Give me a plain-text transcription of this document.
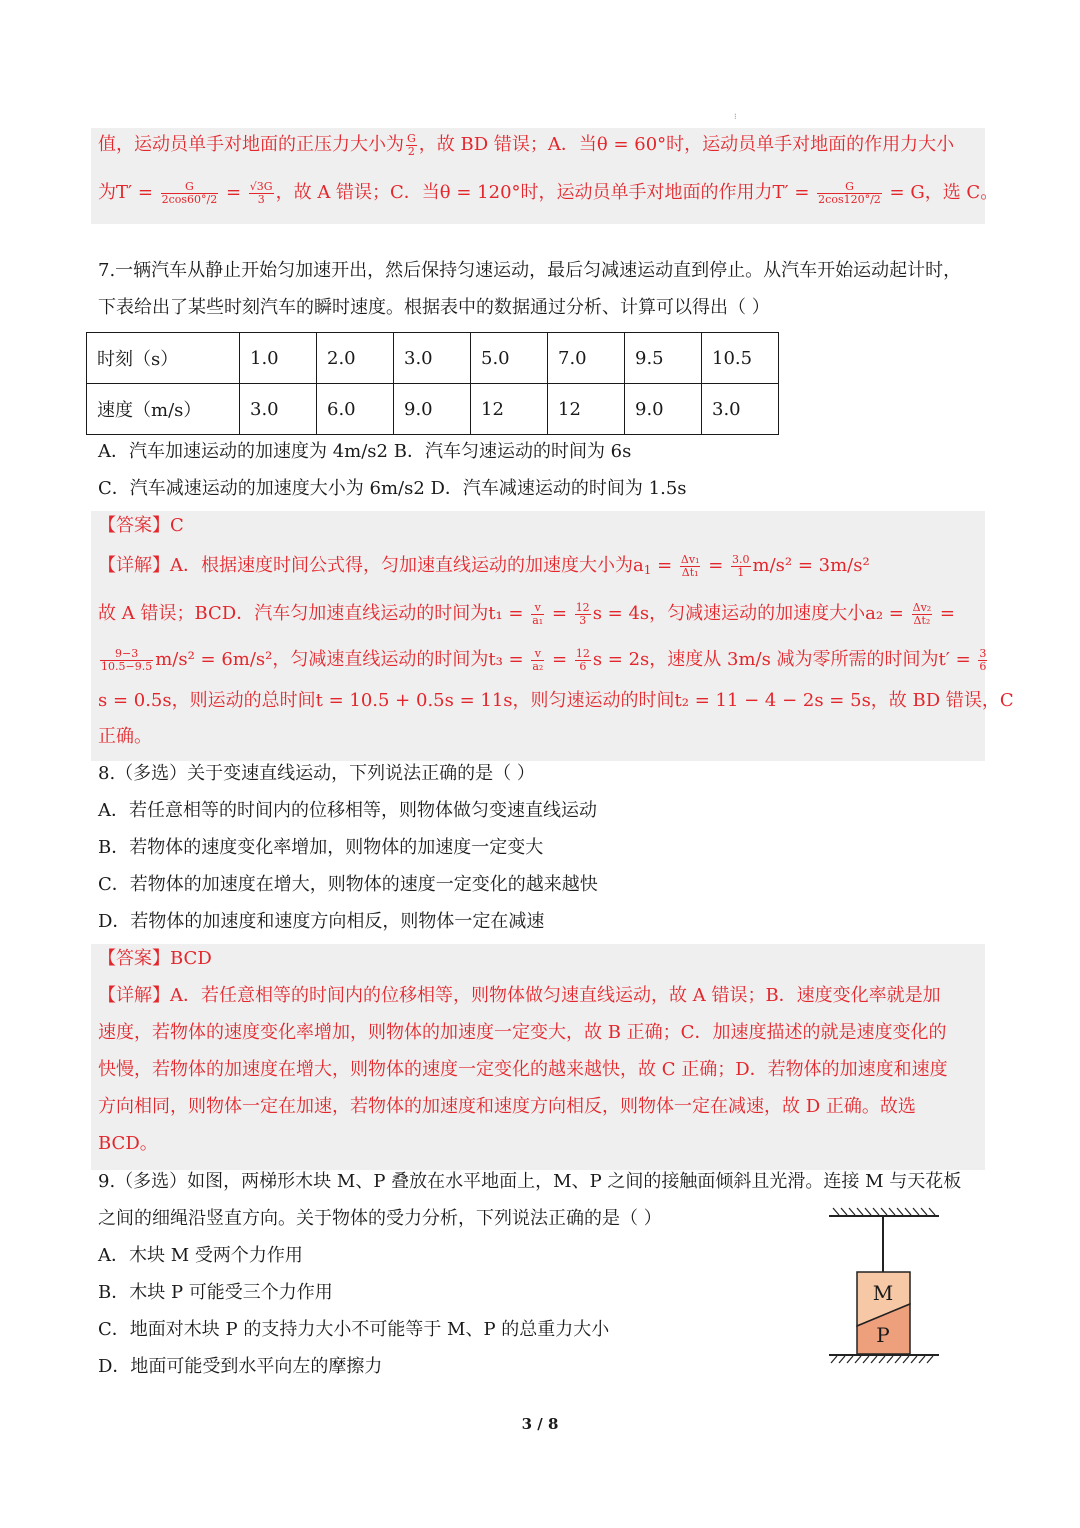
⁝
值，运动员单手对地面的正压力大小为 $\frac{G}{2}$ ，故 BD 错误；A．当θ = 60°时，运动员单手对地面的作用力大小
为$T' = \frac{G}{2\cos 60^\circ/2} = \frac{√3G}{3}$ ，故 A 错误；C．当θ = 120°时，运动员单手对地面的作用力$T' = \frac{G}{2\cos 120^\circ/2} = G$，选 C。
7.一辆汽车从静止开始匀加速开出，然后保持匀速运动，最后匀减速运动直到停止。从汽车开始运动起计时，
下表给出了某些时刻汽车的瞬时速度。根据表中的数据通过分析、计算可以得出（ ）
时刻（s）	1.0	2.0	3.0	5.0	7.0	9.5	10.5
速度（m/s）	3.0	6.0	9.0	12	12	9.0	3.0
A．汽车加速运动的加速度为 4m/s2 B．汽车匀速运动的时间为 6s
C．汽车减速运动的加速度大小为 6m/s2 D．汽车减速运动的时间为 1.5s
【答案】C
【详解】A．根据速度时间公式得，匀加速直线运动的加速度大小为$a_1 = \frac{\text{Δv₁}}{\text{Δt₁}} = \frac{3.0}{1} m/s^2 = 3m/s^2$
故 A 错误；BCD．汽车匀加速直线运动的时间为$t_1 = \frac{v}{\text{a₁}} = \frac{12}{3}$ s = 4s，匀减速运动的加速度大小$a_2 = \frac{\text{Δv₂}}{\text{Δt₂}}$ =
$\frac{9-3}{10.5-9.5} m/s^2 = 6m/s^2$，匀减速直线运动的时间为$t_3 = \frac{v}{\text{a₂}} = \frac{12}{6}$ s = 2s，速度从 3m/s 减为零所需的时间为$t' = \frac{3}{6}$
s = 0.5s，则运动的总时间t = 10.5 + 0.5s = 11s，则匀速运动的时间t₂ = 11 − 4 − 2s = 5s，故 BD 错误，C
正确。
8.（多选）关于变速直线运动，下列说法正确的是（ ）
A．若任意相等的时间内的位移相等，则物体做匀变速直线运动
B．若物体的速度变化率增加，则物体的加速度一定变大
C．若物体的加速度在增大，则物体的速度一定变化的越来越快
D．若物体的加速度和速度方向相反，则物体一定在减速
【答案】BCD
【详解】A．若任意相等的时间内的位移相等，则物体做匀速直线运动，故 A 错误；B．速度变化率就是加
速度，若物体的速度变化率增加，则物体的加速度一定变大，故 B 正确；C．加速度描述的就是速度变化的
快慢，若物体的加速度在增大，则物体的速度一定变化的越来越快，故 C 正确；D．若物体的加速度和速度
方向相同，则物体一定在加速，若物体的加速度和速度方向相反，则物体一定在减速，故 D 正确。故选
BCD。
9.（多选）如图，两梯形木块 M、P 叠放在水平地面上，M、P 之间的接触面倾斜且光滑。连接 M 与天花板
之间的细绳沿竖直方向。关于物体的受力分析，下列说法正确的是（ ）
A．木块 M 受两个力作用
B．木块 P 可能受三个力作用
C．地面对木块 P 的支持力大小不可能等于 M、P 的总重力大小
D．地面可能受到水平向左的摩擦力
M
P
3 / 8
